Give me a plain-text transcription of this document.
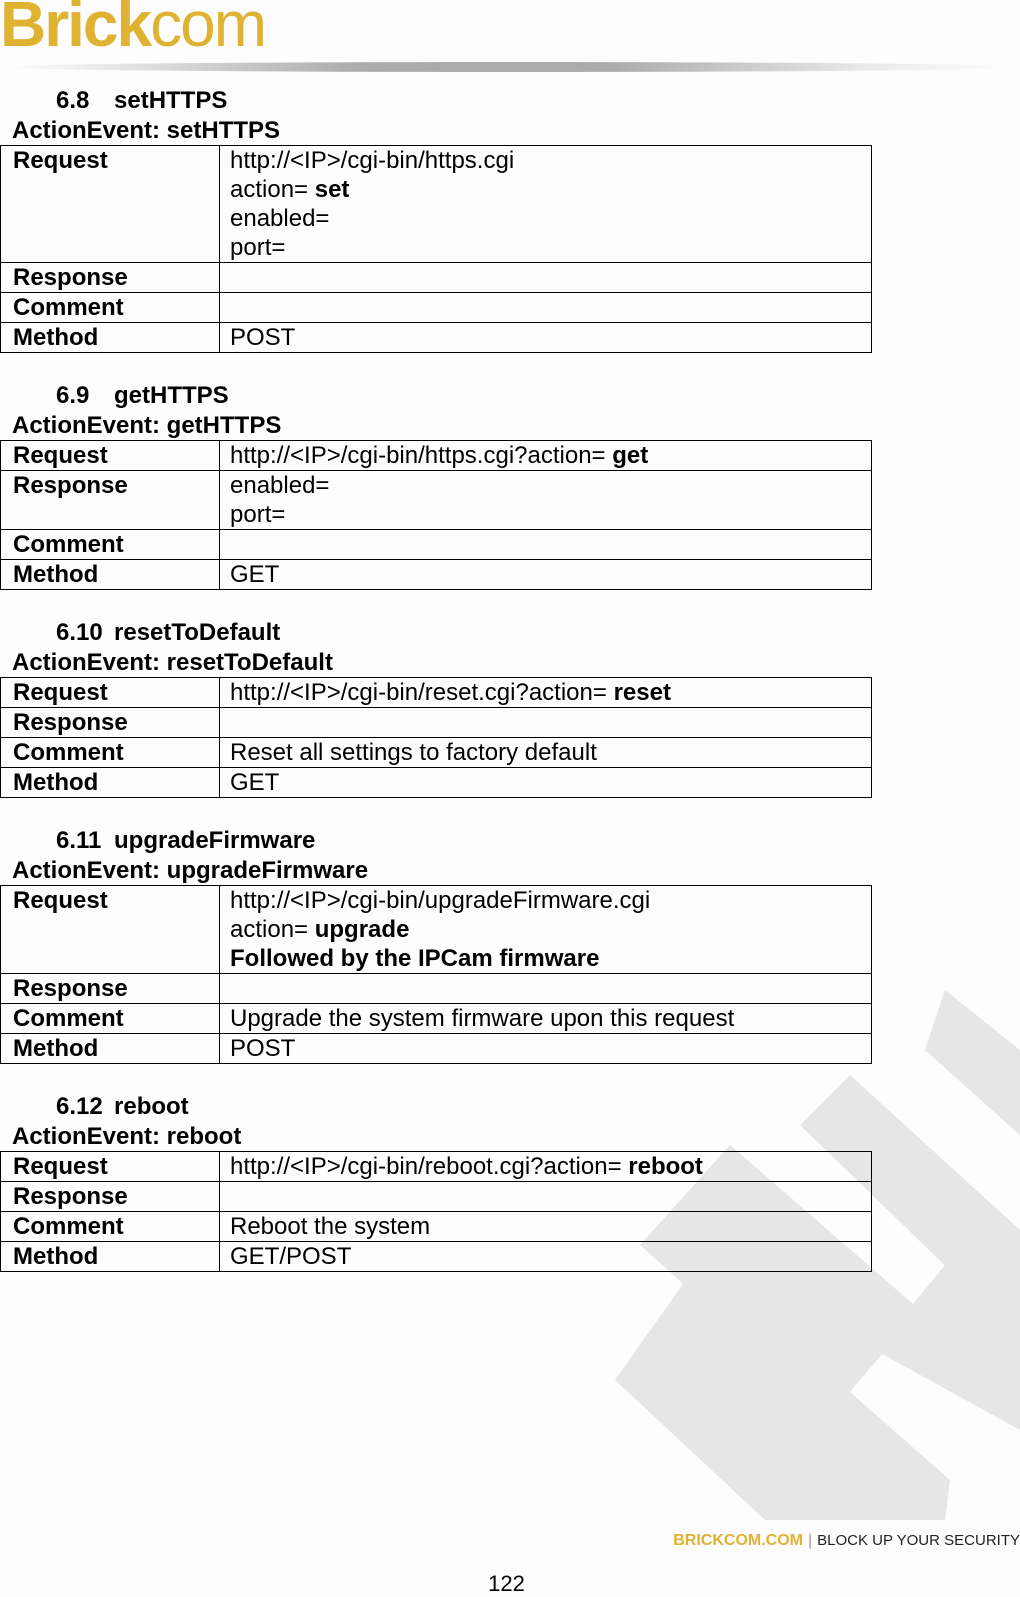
Brickcom
6.8 setHTTPS
ActionEvent: setHTTPS
Request	http://<IP>/cgi-bin/https.cgi
action= set
enabled=
port=

Response	

Comment	

Method	POST
6.9 getHTTPS
ActionEvent: getHTTPS
Request	http://<IP>/cgi-bin/https.cgi?action= get

Response	enabled=
port=

Comment	

Method	GET
6.10 resetToDefault
ActionEvent: resetToDefault
Request	http://<IP>/cgi-bin/reset.cgi?action= reset

Response	

Comment	Reset all settings to factory default

Method	GET
6.11 upgradeFirmware
ActionEvent: upgradeFirmware
Request	http://<IP>/cgi-bin/upgradeFirmware.cgi
action= upgrade
Followed by the IPCam firmware

Response	

Comment	Upgrade the system firmware upon this request

Method	POST
6.12 reboot
ActionEvent: reboot
Request	http://<IP>/cgi-bin/reboot.cgi?action= reboot

Response	

Comment	Reboot the system

Method	GET/POST
BRICKCOM.COM | BLOCK UP YOUR SECURITY
122
